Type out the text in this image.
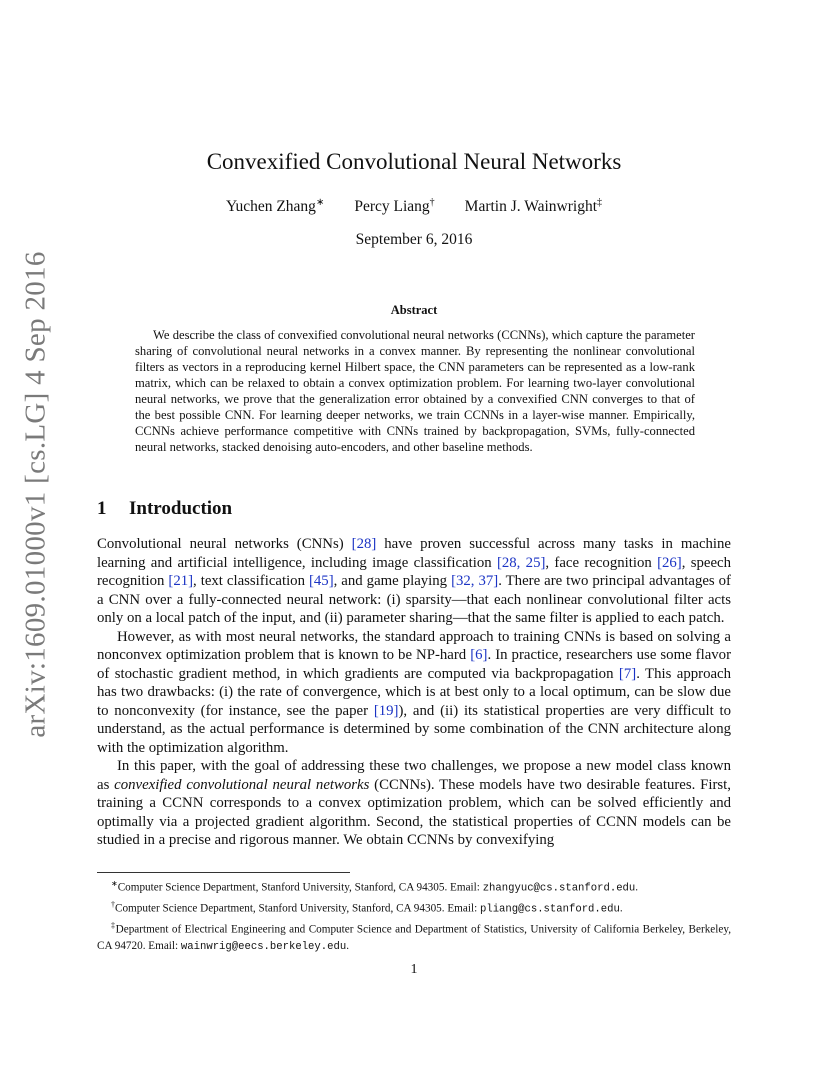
arXiv:1609.01000v1 [cs.LG] 4 Sep 2016
Convexified Convolutional Neural Networks
Yuchen Zhang∗ Percy Liang† Martin J. Wainwright‡
September 6, 2016
Abstract
We describe the class of convexified convolutional neural networks (CCNNs), which capture the parameter sharing of convolutional neural networks in a convex manner. By representing the nonlinear convolutional filters as vectors in a reproducing kernel Hilbert space, the CNN parameters can be represented as a low-rank matrix, which can be relaxed to obtain a convex optimization problem. For learning two-layer convolutional neural networks, we prove that the generalization error obtained by a convexified CNN converges to that of the best possible CNN. For learning deeper networks, we train CCNNs in a layer-wise manner. Empirically, CCNNs achieve performance competitive with CNNs trained by backpropagation, SVMs, fully-connected neural networks, stacked denoising auto-encoders, and other baseline methods.
1 Introduction

Convolutional neural networks (CNNs) [28] have proven successful across many tasks in machine learning and artificial intelligence, including image classification [28, 25], face recognition [26], speech recognition [21], text classification [45], and game playing [32, 37]. There are two principal advantages of a CNN over a fully-connected neural network: (i) sparsity—that each nonlinear convolutional filter acts only on a local patch of the input, and (ii) parameter sharing—that the same filter is applied to each patch.

However, as with most neural networks, the standard approach to training CNNs is based on solving a nonconvex optimization problem that is known to be NP-hard [6]. In practice, researchers use some flavor of stochastic gradient method, in which gradients are computed via backpropagation [7]. This approach has two drawbacks: (i) the rate of convergence, which is at best only to a local optimum, can be slow due to nonconvexity (for instance, see the paper [19]), and (ii) its statistical properties are very difficult to understand, as the actual performance is determined by some combination of the CNN architecture along with the optimization algorithm.

In this paper, with the goal of addressing these two challenges, we propose a new model class known as convexified convolutional neural networks (CCNNs). These models have two desirable features. First, training a CCNN corresponds to a convex optimization problem, which can be solved efficiently and optimally via a projected gradient algorithm. Second, the statistical properties of CCNN models can be studied in a precise and rigorous manner. We obtain CCNNs by convexifying

∗Computer Science Department, Stanford University, Stanford, CA 94305. Email: zhangyuc@cs.stanford.edu.
†Computer Science Department, Stanford University, Stanford, CA 94305. Email: pliang@cs.stanford.edu.
‡Department of Electrical Engineering and Computer Science and Department of Statistics, University of California Berkeley, Berkeley, CA 94720. Email: wainwrig@eecs.berkeley.edu.
1
